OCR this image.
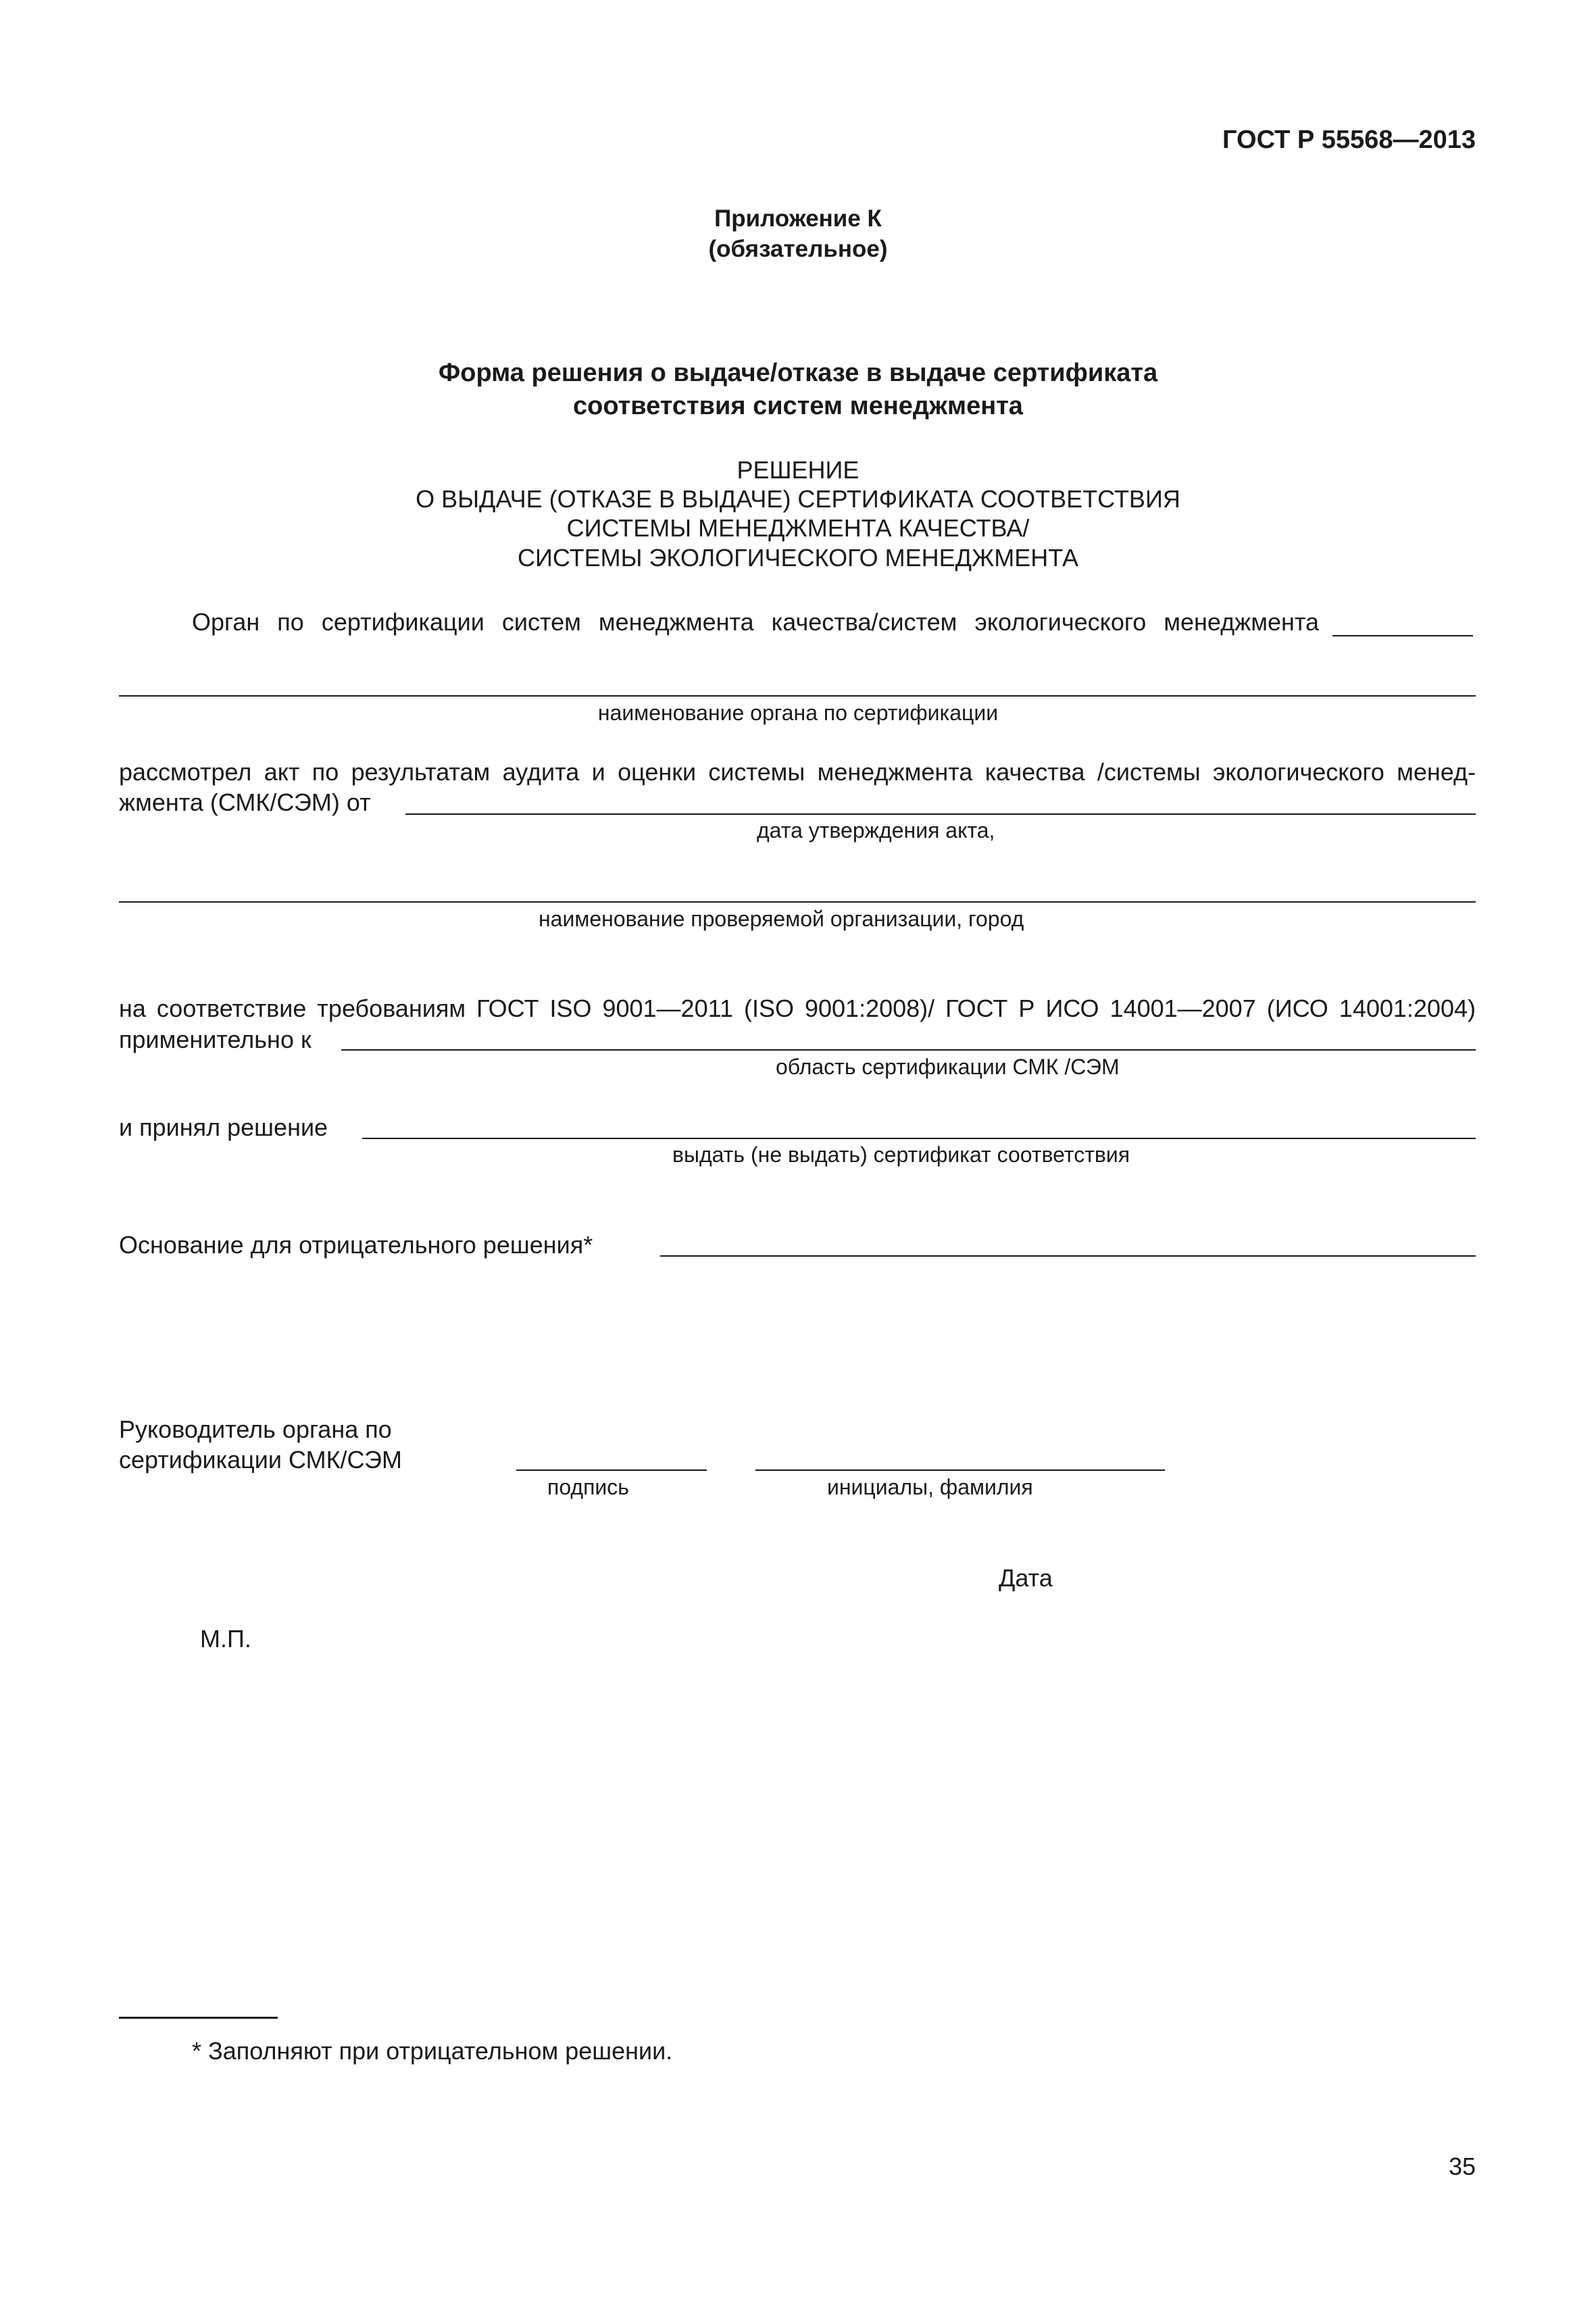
ГОСТ Р 55568—2013
Приложение К
(обязательное)
Форма решения о выдаче/отказе в выдаче сертификата
соответствия систем менеджмента
РЕШЕНИЕ
О ВЫДАЧЕ (ОТКАЗЕ В ВЫДАЧЕ) СЕРТИФИКАТА СООТВЕТСТВИЯ
СИСТЕМЫ МЕНЕДЖМЕНТА КАЧЕСТВА/
СИСТЕМЫ ЭКОЛОГИЧЕСКОГО МЕНЕДЖМЕНТА
Орган по сертификации систем менеджмента качества/систем экологического менеджмента
наименование органа по сертификации
рассмотрел акт по результатам аудита и оценки системы менеджмента качества /системы экологического менед-
жмента (СМК/СЭМ) от
дата утверждения акта,
наименование проверяемой организации, город
на соответствие требованиям ГОСТ ISO 9001—2011 (ISO 9001:2008)/ ГОСТ Р ИСО 14001—2007 (ИСО 14001:2004)
применительно к
область сертификации СМК /СЭМ
и принял решение
выдать (не выдать) сертификат соответствия
Основание для отрицательного решения*
Руководитель органа по
сертификации СМК/СЭМ
подпись	инициалы, фамилия
Дата
М.П.
* Заполняют при отрицательном решении.
35
